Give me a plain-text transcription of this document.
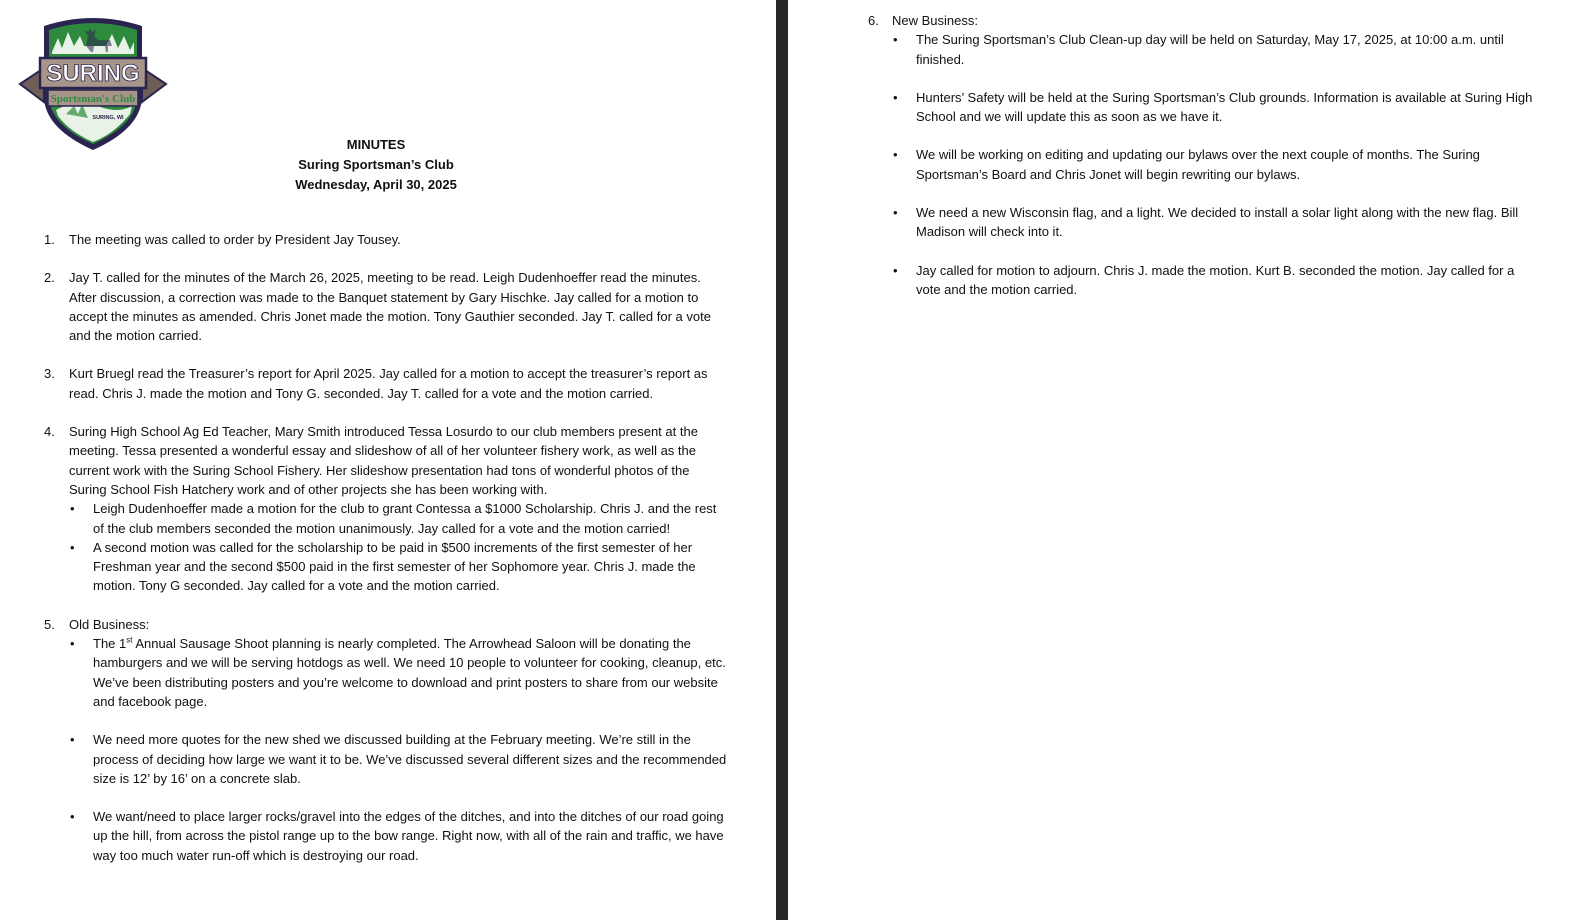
SURING
Sportsman's Club
SURING, WI
MINUTES
Suring Sportsman’s Club
Wednesday, April 30, 2025
1. The meeting was called to order by President Jay Tousey.
2. Jay T. called for the minutes of the March 26, 2025, meeting to be read. Leigh Dudenhoeffer read the minutes. After discussion, a correction was made to the Banquet statement by Gary Hischke. Jay called for a motion to accept the minutes as amended. Chris Jonet made the motion. Tony Gauthier seconded. Jay T. called for a vote and the motion carried.
3. Kurt Bruegl read the Treasurer’s report for April 2025. Jay called for a motion to accept the treasurer’s report as read. Chris J. made the motion and Tony G. seconded. Jay T. called for a vote and the motion carried.
4. Suring High School Ag Ed Teacher, Mary Smith introduced Tessa Losurdo to our club members present at the meeting. Tessa presented a wonderful essay and slideshow of all of her volunteer fishery work, as well as the current work with the Suring School Fishery. Her slideshow presentation had tons of wonderful photos of the Suring School Fish Hatchery work and of other projects she has been working with.
• Leigh Dudenhoeffer made a motion for the club to grant Contessa a $1000 Scholarship. Chris J. and the rest of the club members seconded the motion unanimously. Jay called for a vote and the motion carried!
• A second motion was called for the scholarship to be paid in $500 increments of the first semester of her Freshman year and the second $500 paid in the first semester of her Sophomore year. Chris J. made the motion. Tony G seconded. Jay called for a vote and the motion carried.
5. Old Business:
• The 1st Annual Sausage Shoot planning is nearly completed. The Arrowhead Saloon will be donating the hamburgers and we will be serving hotdogs as well. We need 10 people to volunteer for cooking, cleanup, etc. We’ve been distributing posters and you’re welcome to download and print posters to share from our website and facebook page.
• We need more quotes for the new shed we discussed building at the February meeting. We’re still in the process of deciding how large we want it to be. We’ve discussed several different sizes and the recommended size is 12’ by 16’ on a concrete slab.
• We want/need to place larger rocks/gravel into the edges of the ditches, and into the ditches of our road going up the hill, from across the pistol range up to the bow range. Right now, with all of the rain and traffic, we have way too much water run-off which is destroying our road.
6. New Business:
• The Suring Sportsman’s Club Clean-up day will be held on Saturday, May 17, 2025, at 10:00 a.m. until finished.
• Hunters’ Safety will be held at the Suring Sportsman’s Club grounds. Information is available at Suring High School and we will update this as soon as we have it.
• We will be working on editing and updating our bylaws over the next couple of months. The Suring Sportsman’s Board and Chris Jonet will begin rewriting our bylaws.
• We need a new Wisconsin flag, and a light. We decided to install a solar light along with the new flag. Bill Madison will check into it.
• Jay called for motion to adjourn. Chris J. made the motion. Kurt B. seconded the motion. Jay called for a vote and the motion carried.
